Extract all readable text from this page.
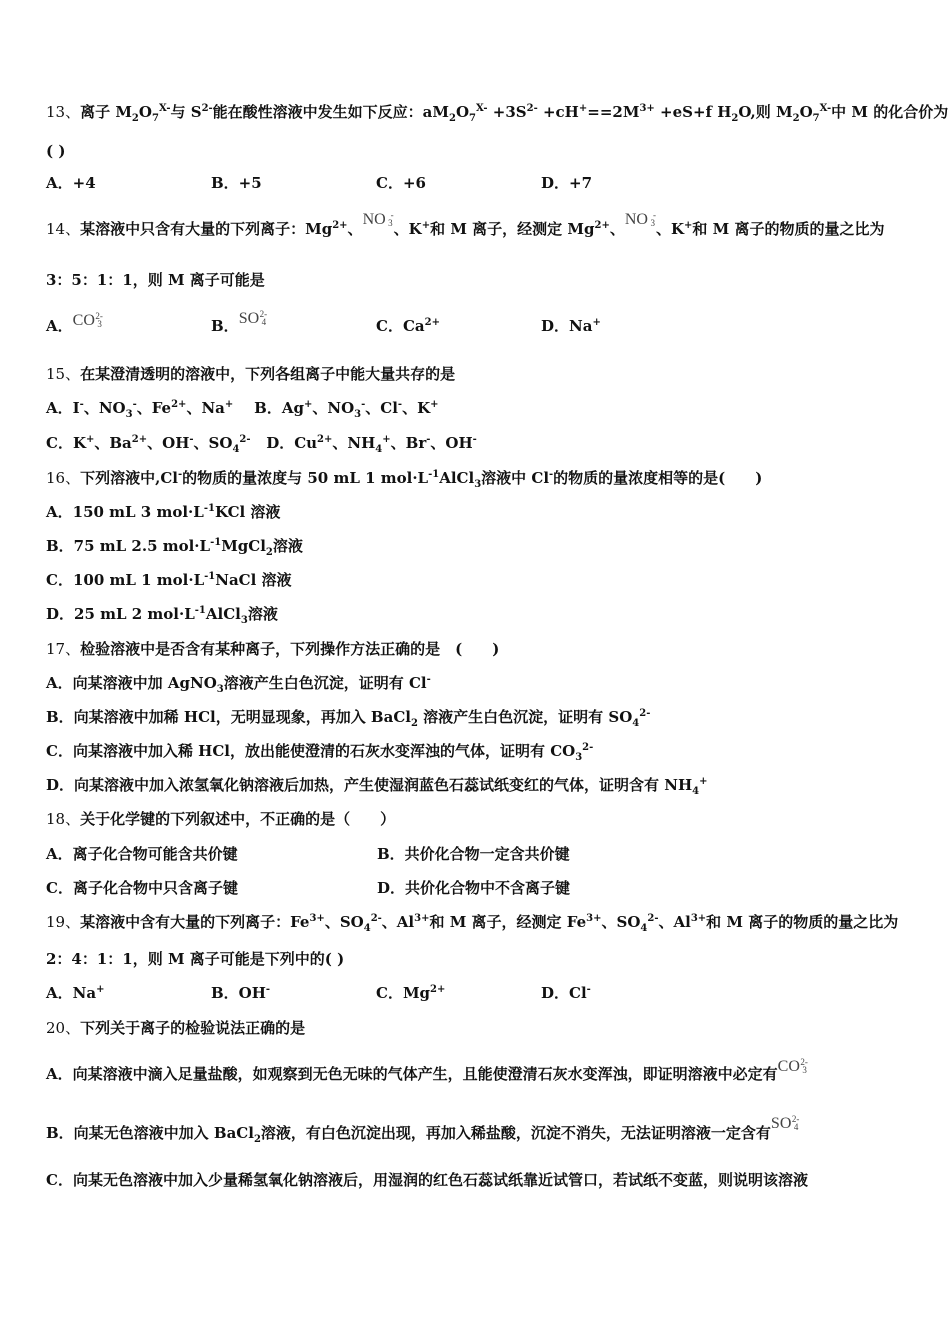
13、离子 $M_2O_7^{X-}$与 $S^{2-}$能在酸性溶液中发生如下反应：$aM_2O_7^{X-} +3S^{2-} +cH^+==2M^{3+} +eS+f$ $H_2O$,则 $M_2O_7^{X-}$中 M 的化合价为
( )
A．+4	B．+5	C．+6	D．+7
14、某溶液中只含有大量的下列离子：$Mg^{2+}$、NO -
3 、K+和 M 离子，经测定 $Mg^{2+}$、NO -
3 、K+和 M 离子的物质的量之比为
3：5：1：1，则 M 离子可能是
A．CO 2-
3	B．SO 2-
4	C．$Ca^{2+}$	D．Na+
15、在某澄清透明的溶液中，下列各组离子中能大量共存的是
A．I-、$NO_3^-$、$Fe^{2+}$、Na+ B．Ag+、$NO_3^-$、Cl-、K+
C．K+、$Ba^{2+}$、OH-、$SO_4^{2-}$ D．$Cu^{2+}$、$NH_4^+$、Br-、OH-
16、下列溶液中,Cl-的物质的量浓度与 50 mL 1 $mol\cdot L^{-1}AlCl_3$溶液中 Cl-的物质的量浓度相等的是(　　)
A．150 mL 3 $mol\cdot L^{-1}KCl$ 溶液
B．75 mL 2.5 $mol\cdot L^{-1}MgCl_2$溶液
C．100 mL 1 $mol\cdot L^{-1}NaCl$ 溶液
D．25 mL 2 $mol\cdot L^{-1}AlCl_3$溶液
17、检验溶液中是否含有某种离子，下列操作方法正确的是　(　　)
A．向某溶液中加 AgNO$_3$溶液产生白色沉淀，证明有 Cl-
B．向某溶液中加稀 HCl，无明显现象，再加入 BaCl$_2$ 溶液产生白色沉淀，证明有 $SO_4^{2-}$
C．向某溶液中加入稀 HCl，放出能使澄清的石灰水变浑浊的气体，证明有 $CO_3^{2-}$
D．向某溶液中加入浓氢氧化钠溶液后加热，产生使湿润蓝色石蕊试纸变红的气体，证明含有 $NH_4^+$
18、关于化学键的下列叙述中，不正确的是（　　）
A．离子化合物可能含共价键	B．共价化合物一定含共价键
C．离子化合物中只含离子键	D．共价化合物中不含离子键
19、某溶液中含有大量的下列离子：$Fe^{3+}$、$SO_4^{2-}$、$Al^{3+}$和 M 离子，经测定 $Fe^{3+}$、$SO_4^{2-}$、$Al^{3+}$和 M 离子的物质的量之比为
2：4：1：1，则 M 离子可能是下列中的( )
A．Na+	B．OH-	C．$Mg^{2+}$	D．Cl-
20、下列关于离子的检验说法正确的是
A．向某溶液中滴入足量盐酸，如观察到无色无味的气体产生，且能使澄清石灰水变浑浊，即证明溶液中必定有CO 2-
3
B．向某无色溶液中加入 BaCl$_2$溶液，有白色沉淀出现，再加入稀盐酸，沉淀不消失，无法证明溶液一定含有SO 2-
4
C．向某无色溶液中加入少量稀氢氧化钠溶液后，用湿润的红色石蕊试纸靠近试管口，若试纸不变蓝，则说明该溶液
